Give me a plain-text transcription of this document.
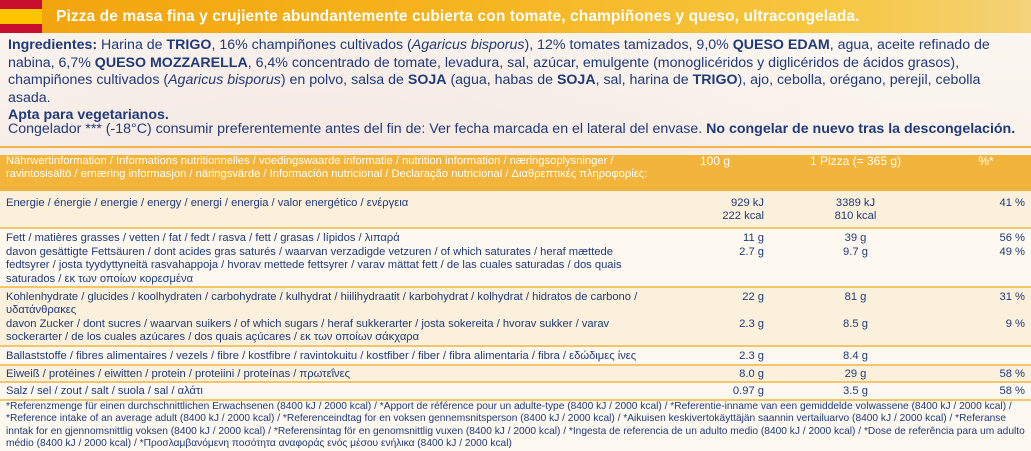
Pizza de masa fina y crujiente abundantemente cubierta con tomate, champiñones y queso, ultracongelada.
Ingredientes: Harina de TRIGO, 16% champiñones cultivados (Agaricus bisporus), 12% tomates tamizados, 9,0% QUESO EDAM, agua, aceite refinado de
nabina, 6,7% QUESO MOZZARELLA, 6,4% concentrado de tomate, levadura, sal, azúcar, emulgente (monoglicéridos y diglicéridos de ácidos grasos),
champiñones cultivados (Agaricus bisporus) en polvo, salsa de SOJA (agua, habas de SOJA, sal, harina de TRIGO), ajo, cebolla, orégano, perejil, cebolla asada.
Apta para vegetarianos.
Congelador *** (-18°C) consumir preferentemente antes del fin de: Ver fecha marcada en el lateral del envase. No congelar de nuevo tras la descongelación.
Nährwertinformation / Informations nutritionnelles / voedingswaarde informatie / nutrition information / næringsoplysninger / ravintosisältö / ernæring informasjon / näringsvärde / Información nutricional / Declaração nutricional / Διαθρεπτικές πληροφορίες:	100 g	1 Pizza (= 365 g)	%*
Energie / énergie / energie / energy / energi / energia / valor energético / ενέργεια	929 kJ	3389 kJ	41 %
	222 kcal	810 kcal	
Fett / matières grasses / vetten / fat / fedt / rasva / fett / grasas / lípidos / λιπαρά	11 g	39 g	56 %
davon gesättigte Fettsäuren / dont acides gras saturés / waarvan verzadigde vetzuren / of which saturates / heraf mættede fedtsyrer / josta tyydyttyneitä rasvahappoja / hvorav mettede fettsyrer / varav mättat fett / de las cuales saturadas / dos quais saturados / εκ των οποίων κορεσμένα	2.7 g	9.7 g	49 %
Kohlenhydrate / glucides / koolhydraten / carbohydrate / kulhydrat / hiilihydraatit / karbohydrat / kolhydrat / hidratos de carbono / υδατάνθρακες	22 g	81 g	31 %
davon Zucker / dont sucres / waarvan suikers / of which sugars / heraf sukkerarter / josta sokereita / hvorav sukker / varav sockerarter / de los cuales azúcares / dos quais açúcares / εκ των οποίων σάκχαρα	2.3 g	8.5 g	9 %
Ballaststoffe / fibres alimentaires / vezels / fibre / kostfibre / ravintokuitu / kostfiber / fiber / fibra alimentaria / fibra / εδώδιμες ίνες	2.3 g	8.4 g	
Eiweiß / protéines / eiwitten / protein / proteiini / proteínas / πρωτεΐνες	8.0 g	29 g	58 %
Salz / sel / zout / salt / suola / sal / αλάτι	0.97 g	3.5 g	58 %
*Referenzmenge für einen durchschnittlichen Erwachsenen (8400 kJ / 2000 kcal) / *Apport de référence pour un adulte-type (8400 kJ / 2000 kcal) / *Referentie-inname van een gemiddelde volwassene (8400 kJ / 2000 kcal) / *Reference intake of an average adult (8400 kJ / 2000 kcal) / *Referenceindtag for en voksen gennemsnitsperson (8400 kJ / 2000 kcal) / *Aikuisen keskivertokäyttäjän saannin vertailuarvo (8400 kJ / 2000 kcal) / *Referanse inntak for en gjennomsnittlig voksen (8400 kJ / 2000 kcal) / *Referensintag för en genomsnittlig vuxen (8400 kJ / 2000 kcal) / *Ingesta de referencia de un adulto medio (8400 kJ / 2000 kcal) / *Dose de referência para um adulto médio (8400 kJ / 2000 kcal) / *Προσλαμβανόμενη ποσότητα αναφοράς ενός μέσου ενήλικα (8400 kJ / 2000 kcal)			
